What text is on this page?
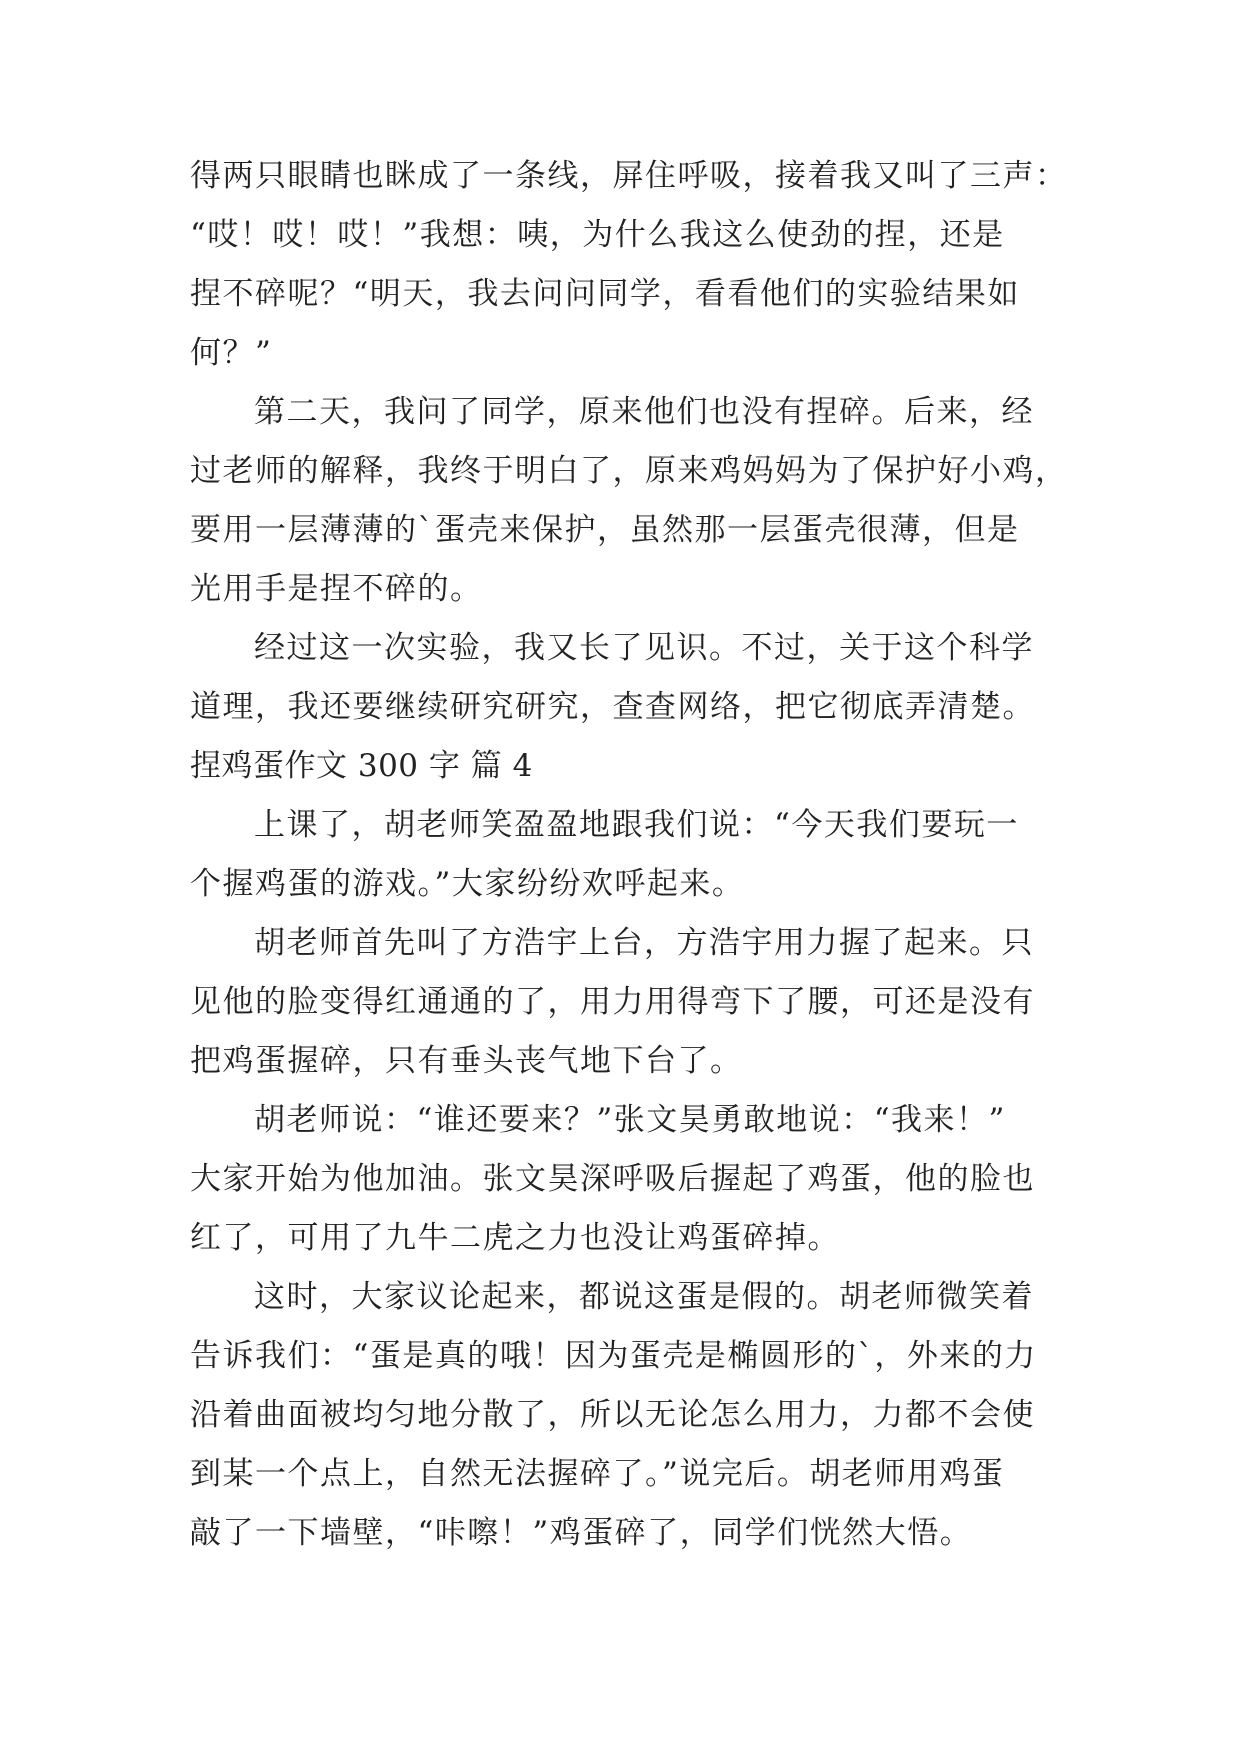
得两只眼睛也眯成了一条线，屏住呼吸，接着我又叫了三声：
“哎！哎！哎！”我想：咦，为什么我这么使劲的捏，还是
捏不碎呢？“明天，我去问问同学，看看他们的实验结果如
何？”
第二天，我问了同学，原来他们也没有捏碎。后来，经
过老师的解释，我终于明白了，原来鸡妈妈为了保护好小鸡，
要用一层薄薄的`蛋壳来保护，虽然那一层蛋壳很薄，但是
光用手是捏不碎的。
经过这一次实验，我又长了见识。不过，关于这个科学
道理，我还要继续研究研究，查查网络，把它彻底弄清楚。
捏鸡蛋作文 300 字 篇 4
上课了，胡老师笑盈盈地跟我们说：“今天我们要玩一
个握鸡蛋的游戏。”大家纷纷欢呼起来。
胡老师首先叫了方浩宇上台，方浩宇用力握了起来。只
见他的脸变得红通通的了，用力用得弯下了腰，可还是没有
把鸡蛋握碎，只有垂头丧气地下台了。
胡老师说：“谁还要来？”张文昊勇敢地说：“我来！”
大家开始为他加油。张文昊深呼吸后握起了鸡蛋，他的脸也
红了，可用了九牛二虎之力也没让鸡蛋碎掉。
这时，大家议论起来，都说这蛋是假的。胡老师微笑着
告诉我们：“蛋是真的哦！因为蛋壳是椭圆形的`，外来的力
沿着曲面被均匀地分散了，所以无论怎么用力，力都不会使
到某一个点上，自然无法握碎了。”说完后。胡老师用鸡蛋
敲了一下墙壁，“咔嚓！”鸡蛋碎了，同学们恍然大悟。
